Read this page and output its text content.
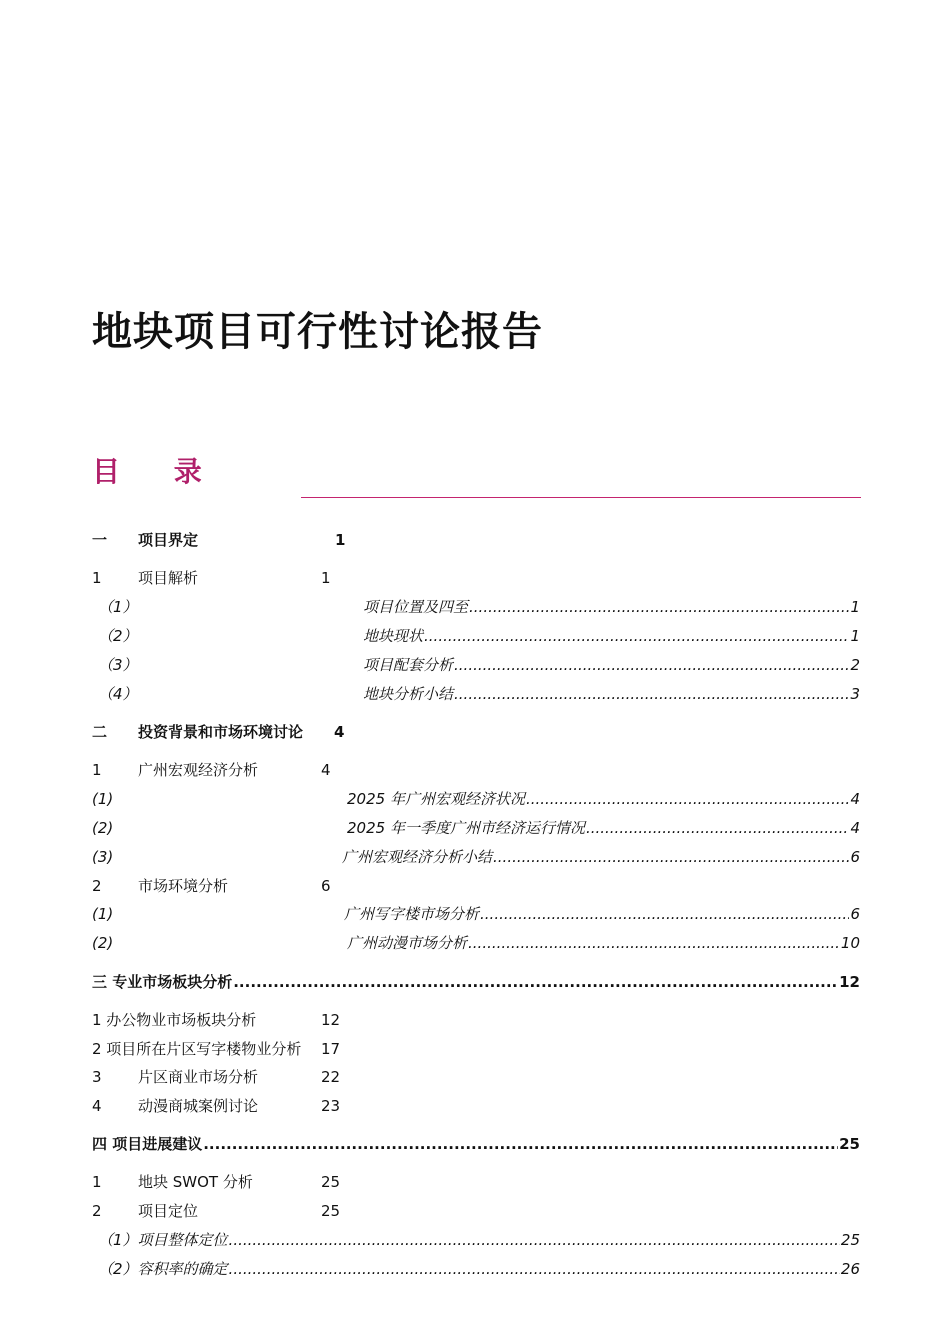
地块项目可行性讨论报告
目 录
一 项目界定	1
1 项目解析	1
（1）	项目位置及四至 .....	1
（2）	地块现状 .....	1
（3）	项目配套分析 .....	2
（4）	地块分析小结 .....	3
二 投资背景和市场环境讨论 4
1 广州宏观经济分析	4
(1)	2025 年广州宏观经济状况 .....	4
(2)	2025 年一季度广州市经济运行情况 .....	4
(3)	广州宏观经济分析小结 .....	6
2 市场环境分析	6
(1)	广州写字楼市场分析 .....	6
(2)	广州动漫市场分析 .....	10
三 专业市场板块分析 .....	12
1 办公物业市场板块分析	12
2 项目所在片区写字楼物业分析 17
3 片区商业市场分析	22
4 动漫商城案例讨论	23
四 项目进展建议 .....	25
1 地块 SWOT 分析	25
2 项目定位	25
（1）项目整体定位 .....	25
（2）容积率的确定 .....	26
